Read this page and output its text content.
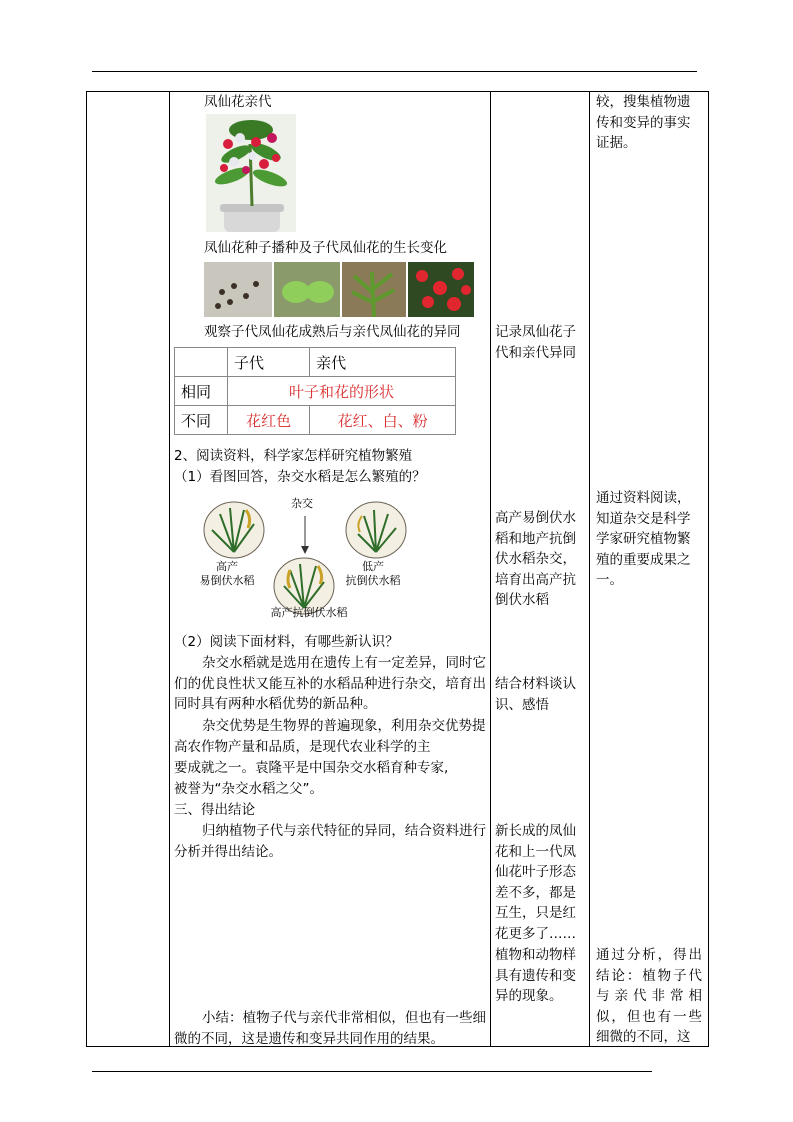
凤仙花亲代
凤仙花种子播种及子代凤仙花的生长变化
观察子代凤仙花成熟后与亲代凤仙花的异同
	子代	亲代
相同	叶子和花的形状	
不同	花红色	花红、白、粉
2、阅读资料，科学家怎样研究植物繁殖
（1）看图回答，杂交水稻是怎么繁殖的？
杂交
高产
易倒伏水稻
低产
抗倒伏水稻
高产抗倒伏水稻
（2）阅读下面材料，有哪些新认识？
杂交水稻就是选用在遗传上有一定差异，同时它们的优良性状又能互补的水稻品种进行杂交，培育出同时具有两种水稻优势的新品种。
杂交优势是生物界的普遍现象，利用杂交优势提高农作物产量和品质，是现代农业科学的主
要成就之一。袁隆平是中国杂交水稻育种专家,
被誉为“杂交水稻之父”。
三、得出结论
归纳植物子代与亲代特征的异同，结合资料进行分析并得出结论。
小结：植物子代与亲代非常相似，但也有一些细微的不同，这是遗传和变异共同作用的结果。
记录凤仙花子代和亲代异同
高产易倒伏水稻和地产抗倒伏水稻杂交，培育出高产抗倒伏水稻
结合材料谈认识、感悟
新长成的凤仙花和上一代凤仙花叶子形态差不多，都是互生，只是红花更多了……
植物和动物样具有遗传和变异的现象。
较，搜集植物遗传和变异的事实证据。
通过资料阅读，知道杂交是科学学家研究植物繁殖的重要成果之一。
通过分析，得出结论：植物子代与亲代非常相似，但也有一些细微的不同，这
